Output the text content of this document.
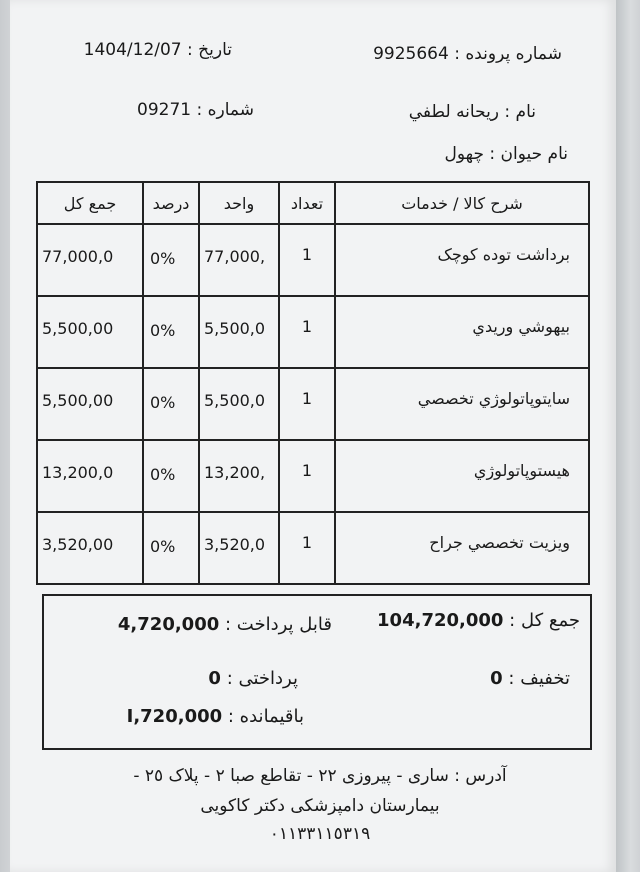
شماره پرونده : 9925664
تاریخ : 1404/12/07
نام : ريحانه لطفي
شماره : 09271
نام حيوان : چهول
جمع کل	درصد	واحد	تعداد	شرح کالا / خدمات
77,000,0	0%	77,000,	1	برداشت توده کوچک
5,500,00	0%	5,500,0	1	بيهوشي وريدي
5,500,00	0%	5,500,0	1	سايتوپاتولوژي تخصصي
13,200,0	0%	13,200,	1	هيستوپاتولوژي
3,520,00	0%	3,520,0	1	ويزيت تخصصي جراح
جمع کل : 104,720,000
قابل پرداخت : 4,720,000
تخفيف : 0
پرداختی : 0
باقيمانده : I,720,000
آدرس : ساری - پيروزی ٢٢ - تقاطع صبا ٢ - پلاک ٢٥ -
بيمارستان دامپزشکی دکتر کاکويی
٠١١٣٣١١٥٣١٩
